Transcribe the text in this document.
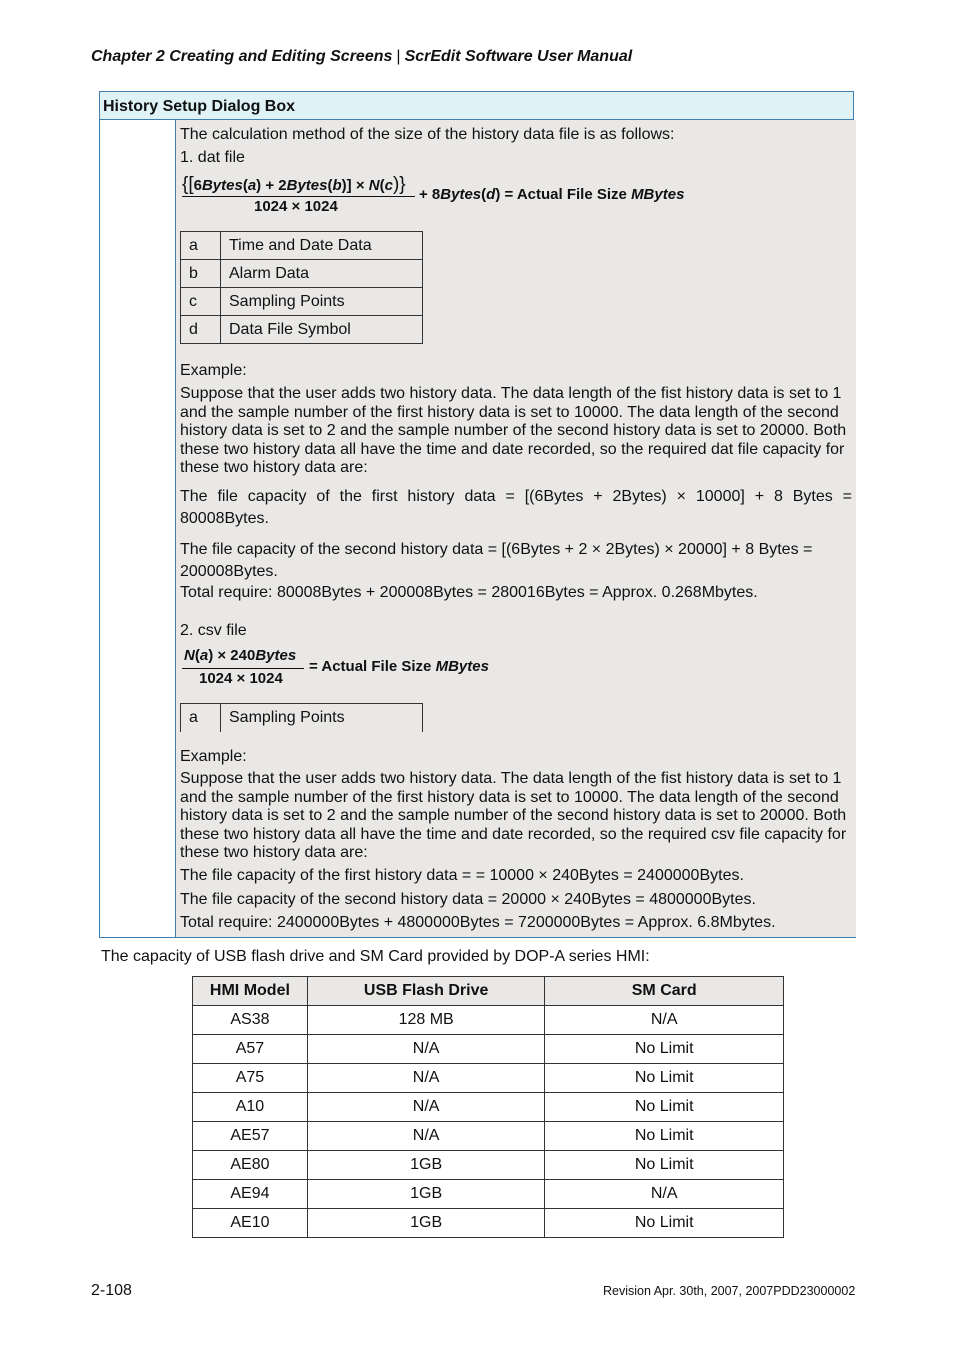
Chapter 2 Creating and Editing Screens | ScrEdit Software User Manual
History Setup Dialog Box
The calculation method of the size of the history data file is as follows:
1. dat file
{[6Bytes(a) + 2Bytes(b)] × N(c)}
1024 × 1024
+ 8Bytes(d) = Actual File Size MBytes
a	Time and Date Data
b	Alarm Data
c	Sampling Points
d	Data File Symbol
Example:
Suppose that the user adds two history data. The data length of the fist history data is set to 1 and the sample number of the first history data is set to 10000. The data length of the second history data is set to 2 and the sample number of the second history data is set to 20000. Both these two history data all have the time and date recorded, so the required dat file capacity for these two history data are:
The file capacity of the first history data = [(6Bytes + 2Bytes) × 10000] + 8 Bytes = 80008Bytes.
The file capacity of the second history data = [(6Bytes + 2 × 2Bytes) × 20000] + 8 Bytes = 200008Bytes.
Total require: 80008Bytes + 200008Bytes = 280016Bytes = Approx. 0.268Mbytes.
2. csv file
N(a) × 240Bytes
1024 × 1024
= Actual File Size MBytes
a	Sampling Points
Example:
Suppose that the user adds two history data. The data length of the fist history data is set to 1 and the sample number of the first history data is set to 10000. The data length of the second history data is set to 2 and the sample number of the second history data is set to 20000. Both these two history data all have the time and date recorded, so the required csv file capacity for these two history data are:
The file capacity of the first history data = = 10000 × 240Bytes = 2400000Bytes.
The file capacity of the second history data = 20000 × 240Bytes = 4800000Bytes.
Total require: 2400000Bytes + 4800000Bytes = 7200000Bytes = Approx. 6.8Mbytes.
The capacity of USB flash drive and SM Card provided by DOP-A series HMI:
HMI Model	USB Flash Drive	SM Card
AS38	128 MB	N/A
A57	N/A	No Limit
A75	N/A	No Limit
A10	N/A	No Limit
AE57	N/A	No Limit
AE80	1GB	No Limit
AE94	1GB	N/A
AE10	1GB	No Limit
2-108	Revision Apr. 30th, 2007, 2007PDD23000002
